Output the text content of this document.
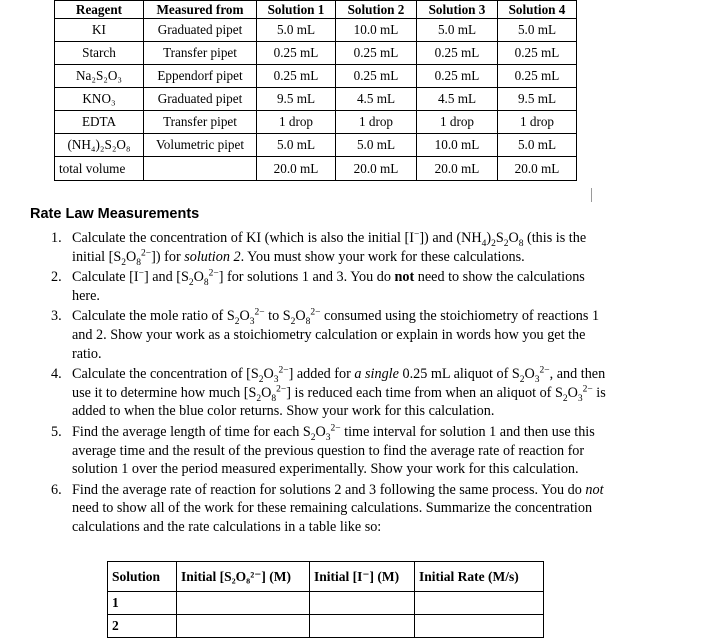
Reagent	Measured from	Solution 1	Solution 2	Solution 3	Solution 4
KI	Graduated pipet	5.0 mL	10.0 mL	5.0 mL	5.0 mL
Starch	Transfer pipet	0.25 mL	0.25 mL	0.25 mL	0.25 mL
Na₂S₂O₃	Eppendorf pipet	0.25 mL	0.25 mL	0.25 mL	0.25 mL
KNO₃	Graduated pipet	9.5 mL	4.5 mL	4.5 mL	9.5 mL
EDTA	Transfer pipet	1 drop	1 drop	1 drop	1 drop
(NH₄)₂S₂O₈	Volumetric pipet	5.0 mL	5.0 mL	10.0 mL	5.0 mL
total volume		20.0 mL	20.0 mL	20.0 mL	20.0 mL
Rate Law Measurements
1. Calculate the concentration of KI (which is also the initial [I−]) and $(NH_4)_2S_2O_8$ (this is the initial $[S_2O_8^{2-}]$) for solution 2. You must show your work for these calculations.
2. Calculate [I−] and $[S_2O_8^{2-}]$ for solutions 1 and 3. You do not need to show the calculations here.
3. Calculate the mole ratio of $S_2O_3^{2-}$ to $S_2O_8^{2-}$ consumed using the stoichiometry of reactions 1 and 2. Show your work as a stoichiometry calculation or explain in words how you get the ratio.
4. Calculate the concentration of $[S_2O_3^{2-}]$ added for a single 0.25 mL aliquot of $S_2O_3^{2-}$, and then use it to determine how much $[S_2O_8^{2-}]$ is reduced each time from when an aliquot of $S_2O_3^{2-}$ is added to when the blue color returns. Show your work for this calculation.
5. Find the average length of time for each $S_2O_3^{2-}$ time interval for solution 1 and then use this average time and the result of the previous question to find the average rate of reaction for solution 1 over the period measured experimentally. Show your work for this calculation.
6. Find the average rate of reaction for solutions 2 and 3 following the same process. You do not need to show all of the work for these remaining calculations. Summarize the concentration calculations and the rate calculations in a table like so:
Solution	Initial [S₂O₈²⁻] (M)	Initial [I⁻] (M)	Initial Rate (M/s)
1			
2			
